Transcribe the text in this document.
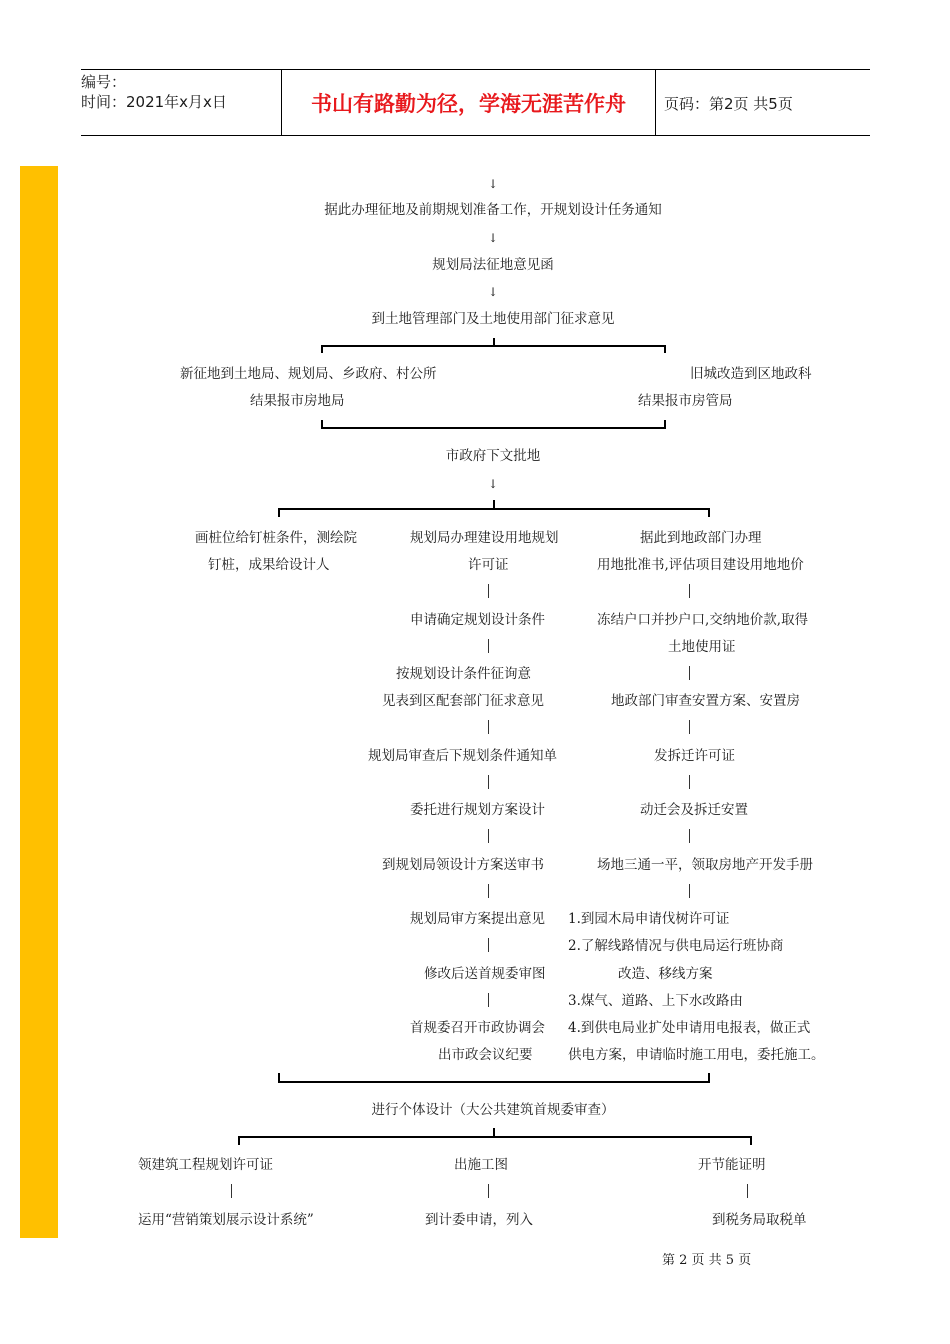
编号：
时间：2021年x月x日	书山有路勤为径，学海无涯苦作舟	页码：第2页 共5页
↓
据此办理征地及前期规划准备工作，开规划设计任务通知
↓
规划局法征地意见函
↓
到土地管理部门及土地使用部门征求意见
新征地到土地局、规划局、乡政府、村公所
结果报市房地局
旧城改造到区地政科
结果报市房管局
市政府下文批地
↓
画桩位给钉桩条件，测绘院
钉桩，成果给设计人
规划局办理建设用地规划
许可证
申请确定规划设计条件
按规划设计条件征询意
见表到区配套部门征求意见
规划局审查后下规划条件通知单
委托进行规划方案设计
到规划局领设计方案送审书
规划局审方案提出意见
修改后送首规委审图
首规委召开市政协调会
出市政会议纪要
据此到地政部门办理
用地批准书,评估项目建设用地地价
冻结户口并抄户口,交纳地价款,取得
土地使用证
地政部门审查安置方案、安置房
发拆迁许可证
动迁会及拆迁安置
场地三通一平，领取房地产开发手册
1.到园木局申请伐树许可证
2.了解线路情况与供电局运行班协商
改造、移线方案
3.煤气、道路、上下水改路由
4.到供电局业扩处申请用电报表，做正式
供电方案，申请临时施工用电，委托施工。
进行个体设计（大公共建筑首规委审查）
领建筑工程规划许可证
运用“营销策划展示设计系统”
出施工图
到计委申请，列入
开节能证明
到税务局取税单
第 2 页 共 5 页
